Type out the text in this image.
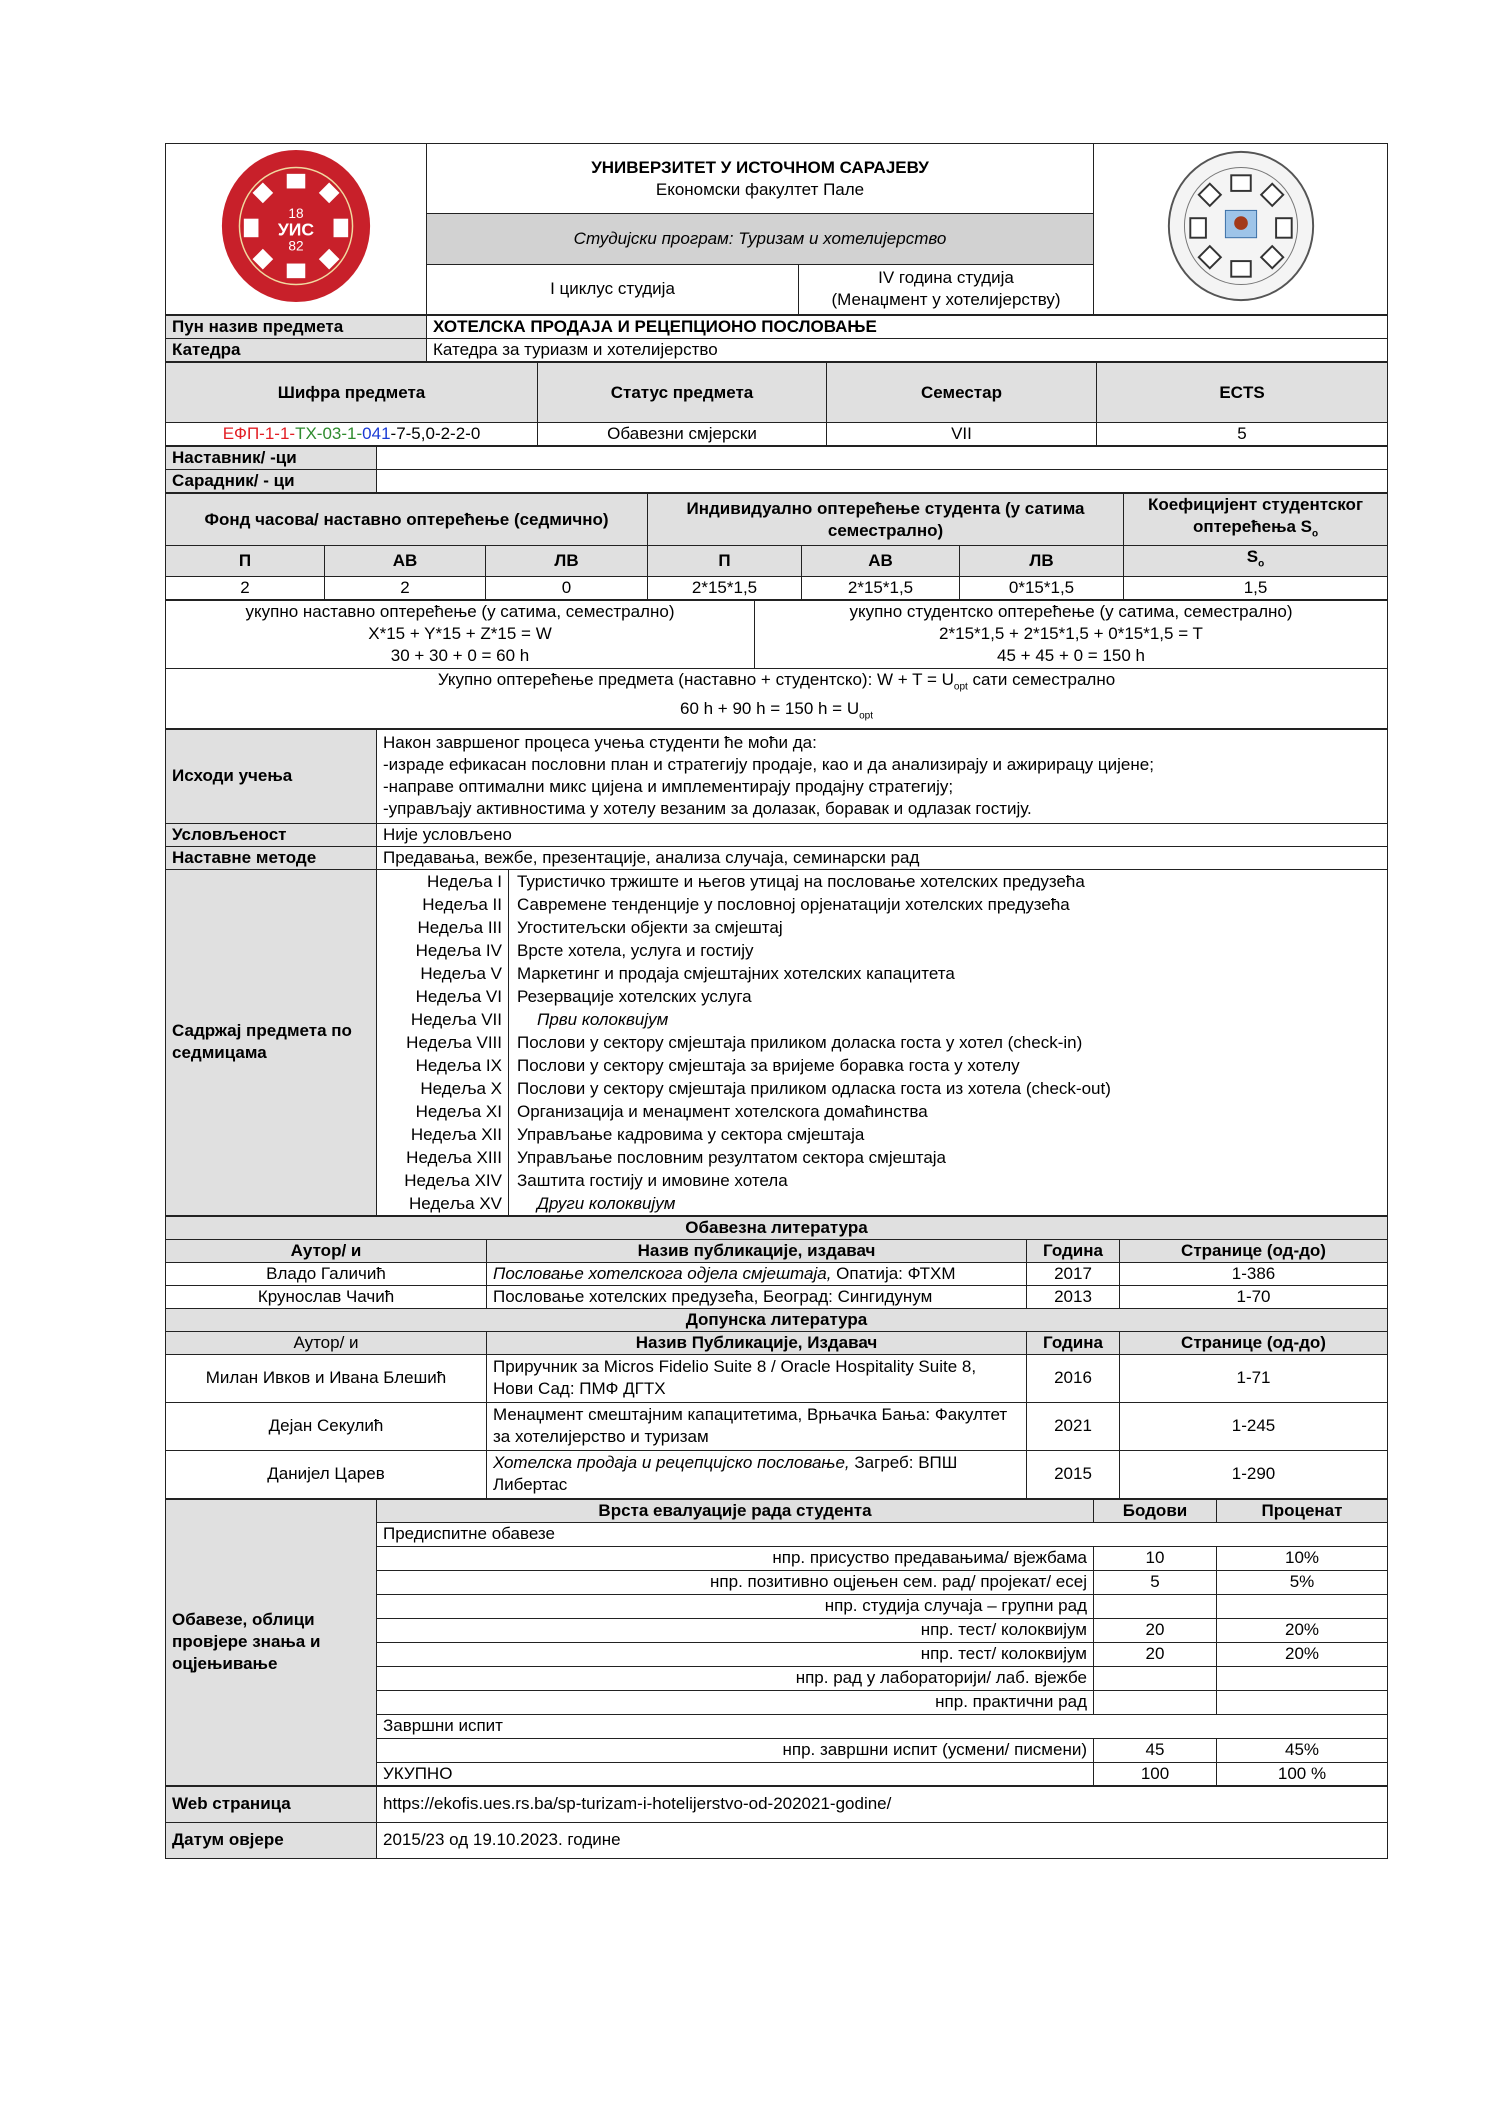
18
УИС
82	УНИВЕРЗИТЕТ У ИСТОЧНОМ САРАЈЕВУ
Економски факултет Пале

	Студијски програм: Туризам и хотелијерство		
	I циклус студија	IV година студија
(Менаџмент у хотелијерству)	
Пун назив предмета	ХОТЕЛСКА ПРОДАЈА И РЕЦЕПЦИОНО ПОСЛОВАЊЕ
Катедра	Катедра за туриазм и хотелијерство
Шифра предмета	Статус предмета	Семестар	ECTS
ЕФП-1-1-ТХ-03-1-041-7-5,0-2-2-0	Обавезни смјерски	VII	5
Наставник/ -ци	
Сарадник/ - ци	
Фонд часова/ наставно оптерећење (седмично)			Индивидуално оптерећење студента (у сатима семестрално)			Коефицијент студентског оптерећења $S_o$
П	АВ	ЛВ	П	АВ	ЛВ	$S_o$
2	2	0	2*15*1,5	2*15*1,5	0*15*1,5	1,5
укупно наставно оптерећење (у сатима, семестрално)
X*15 + Y*15 + Z*15 = W
30 + 30 + 0 = 60 h

укупно студентско оптерећење (у сатима, семестрално)
2*15*1,5 + 2*15*1,5 + 0*15*1,5 = T
45 + 45 + 0 = 150 h

Укупно оптерећење предмета (наставно + студентско): $W + T = U_{opt}$ сати семестрално
60 h + 90 h = 150 $h = U_{opt}$
Исходи учења	Након завршеног процеса учења студенти ће моћи да:
-израде ефикасан пословни план и стратегију продаје, као и да анализирају и ажирирацу цијене;
-направе оптимални микс цијена и имплементирају продајну стратегију;
-управљају активностима у хотелу везаним за долазак, боравак и одлазак гостију.

Условљеност	Није условљено
Наставне методе	Предавања, вежбе, презентације, анализа случаја, семинарски рад
Садржај предмета по седмицама	
Недеља I Туристичко тржиште и његов утицај на пословање хотелских предузећа
Недеља II Савремене тенденције у пословној орјенатацији хотелских предузећа
Недеља III Угоститељски објекти за смјештај
Недеља IV Врсте хотела, услуга и гостију
Недеља V Маркетинг и продаја смјештајних хотелских капацитета
Недеља VI Резервације хотелских услуга
Недеља VII	Први колоквијум
Недеља VIII Послови у сектору смјештаја приликом доласка госта у хотел (check-in)
Недеља IX Послови у сектору смјештаја за вријеме боравка госта у хотелу
Недеља X Послови у сектору смјештаја приликом одласка госта из хотела (check-out)
Недеља XI Организација и менаџмент хотелскога домаћинства
Недеља XII Управљање кадровима у сектора смјештаја
Недеља XIII Управљање пословним резултатом сектора смјештаја
Недеља XIV Заштита гостију и имовине хотела
Недеља XV	Други колоквијум
Обавезна литература			
Аутор/ и	Назив публикације, издавач	Година	Странице (од-до)
Владо Галичић	Пословање хотелскога одјела смјештаја, Опатија: ФТХМ	2017	1-386
Крунослав Чачић	Пословање хотелских предузећа, Београд: Сингидунум	2013	1-70
Допунска литература			
Аутор/ и	Назив Публикације, Издавач	Година	Странице (од-до)
Милан Ивков и Ивана Блешић	Приручник за Micros Fidelio Suite 8 / Oracle Hospitality Suite 8, Нови Сад: ПМФ ДГТХ	2016	1-71
Дејан Секулић	Менаџмент смештајним капацитетима, Врњачка Бања: Факултет за хотелијерство и туризам	2021	1-245
Данијел Царев	Хотелска продаја и рецепцијско пословање, Загреб: ВПШ Либертас	2015	1-290
Обавезе, облици провјере знања и оцјењивање	Врста евалуације рада студента	Бодови	Проценат
	Предиспитне обавезе		
	нпр. присуство предавањима/ вјежбама	10	10%
	нпр. позитивно оцјењен сем. рад/ пројекат/ есеј	5	5%
	нпр. студија случаја – групни рад		
	нпр. тест/ колоквијум	20	20%
	нпр. тест/ колоквијум	20	20%
	нпр. рад у лабораторији/ лаб. вјежбе		
	нпр. практични рад		
	Завршни испит		
	нпр. завршни испит (усмени/ писмени)	45	45%
	УКУПНО	100	100 %
Web страница	https://ekofis.ues.rs.ba/sp-turizam-i-hotelijerstvo-od-202021-godine/
Датум овјере	2015/23 од 19.10.2023. године
